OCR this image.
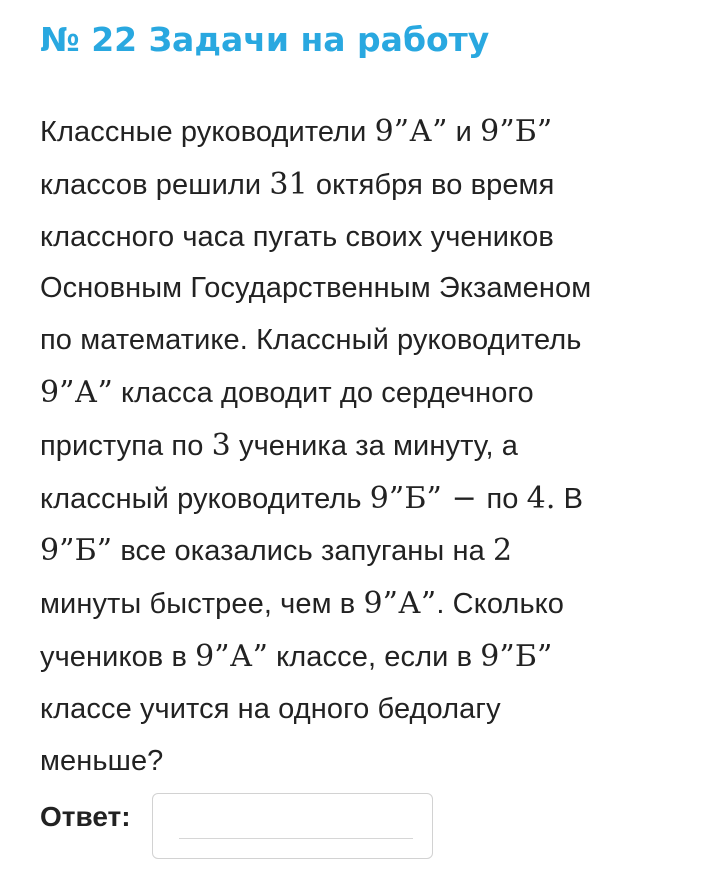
№ 22 Задачи на работу
Классные руководители 9”А” и 9”Б”
классов решили 31 октября во время
классного часа пугать своих учеников
Основным Государственным Экзаменом
по математике. Классный руководитель
9”А” класса доводит до сердечного
приступа по 3 ученика за минуту, а
классный руководитель 9”Б” − по 4. В
9”Б” все оказались запуганы на 2
минуты быстрее, чем в 9”А”. Сколько
учеников в 9”А” классе, если в 9”Б”
классе учится на одного бедолагу
меньше?
Ответ:
